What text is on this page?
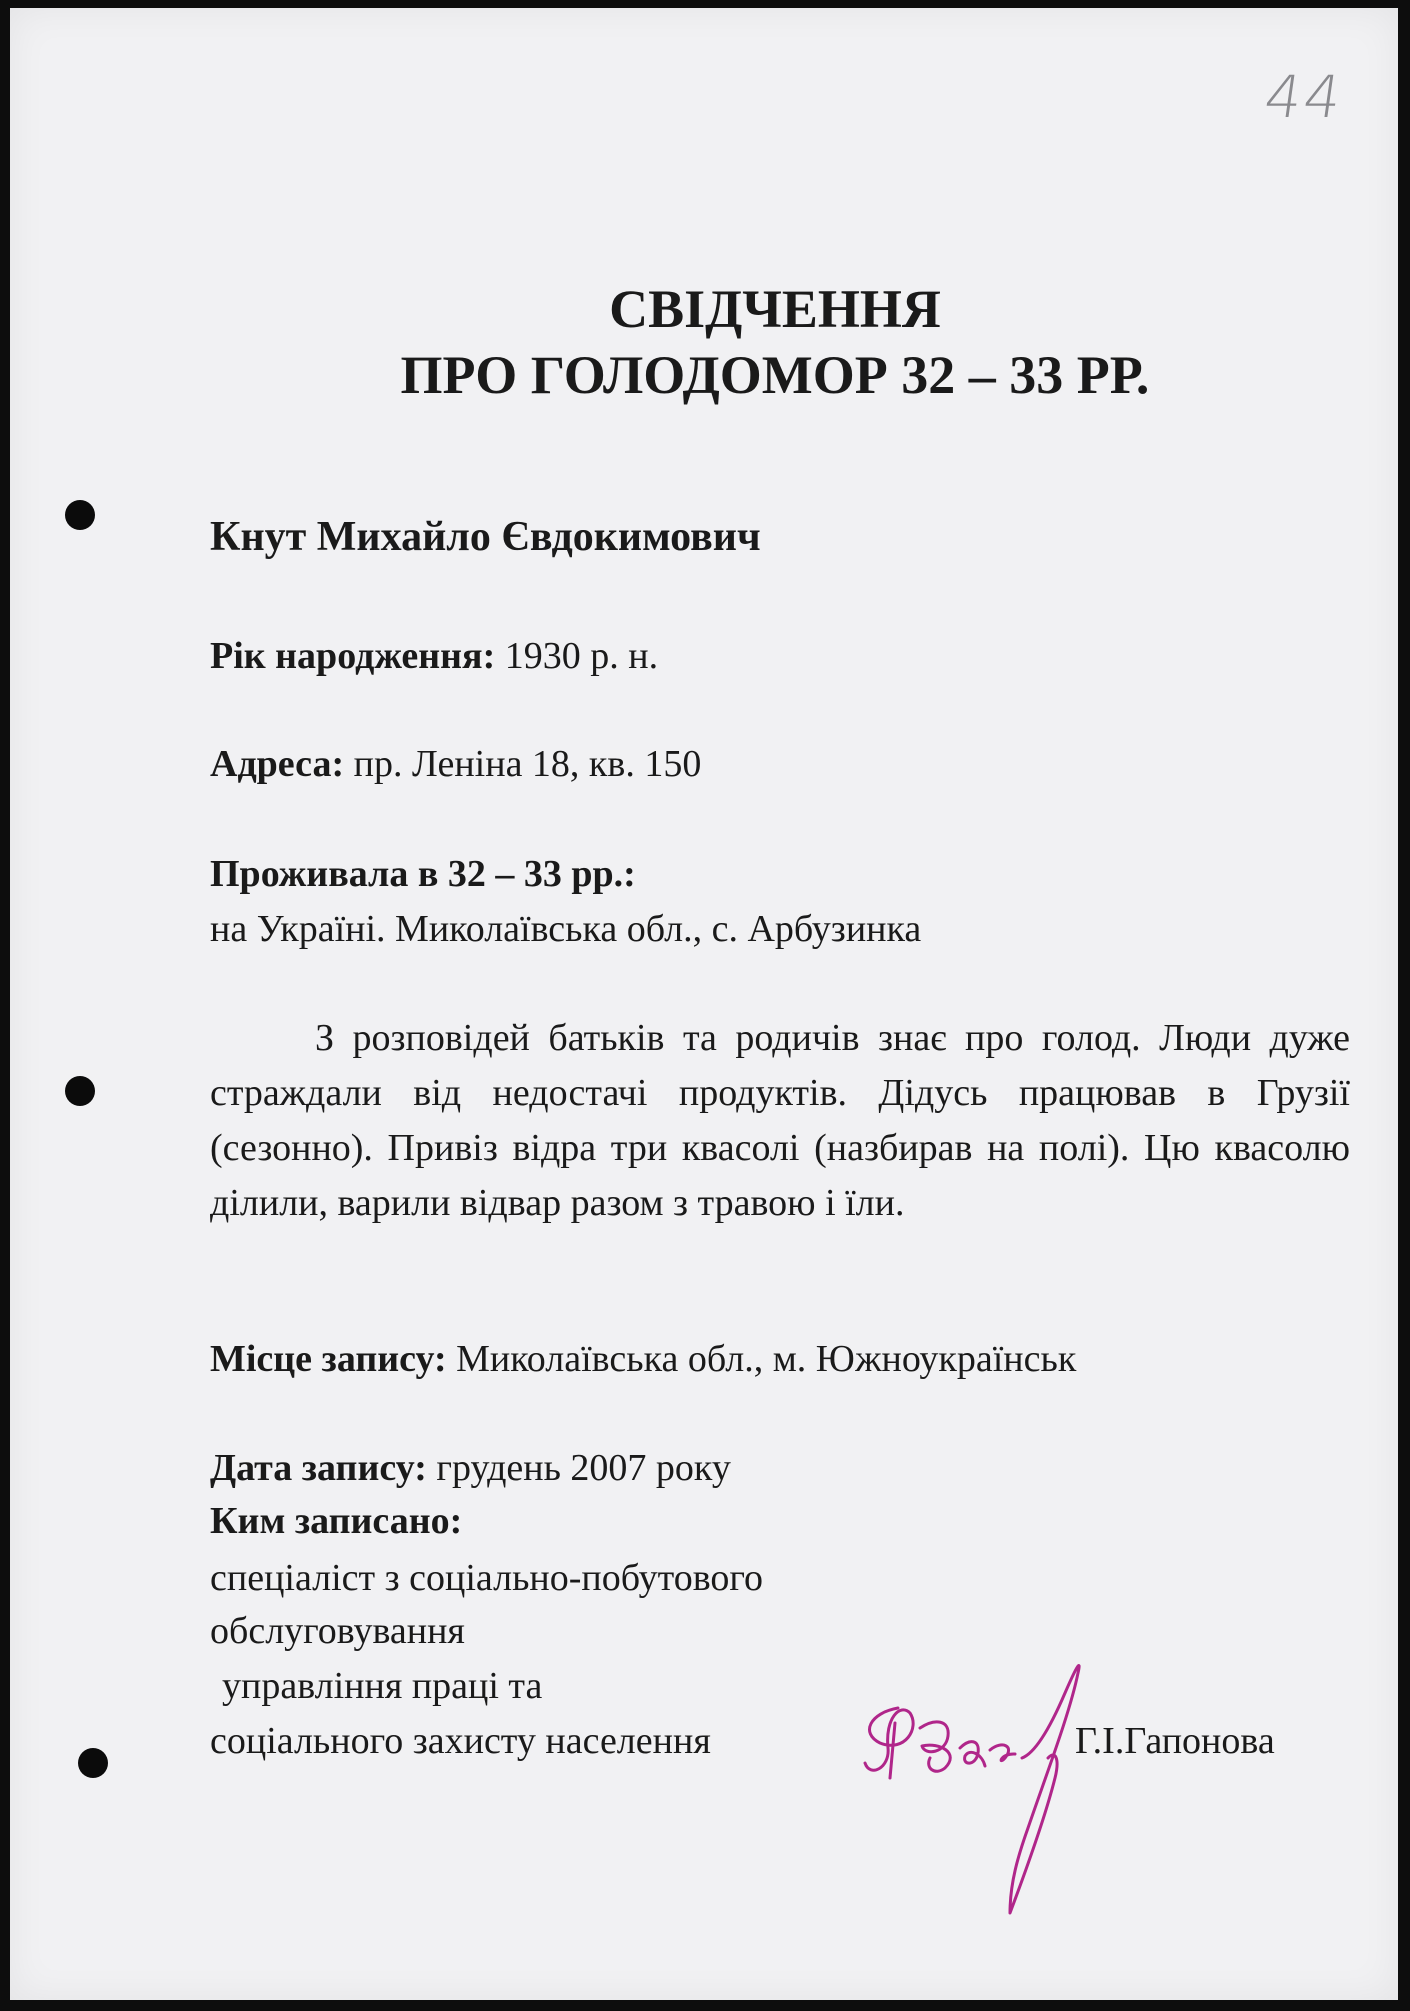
44
СВІДЧЕННЯ
ПРО ГОЛОДОМОР 32 – 33 РР.
Кнут Михайло Євдокимович
Рік народження: 1930 р. н.
Адреса: пр. Леніна 18, кв. 150
Проживала в 32 – 33 рр.:
на Україні. Миколаївська обл., с. Арбузинка
З розповідей батьків та родичів знає про голод. Люди дуже страждали від недостачі продуктів. Дідусь працював в Грузії (сезонно). Привіз відра три квасолі (назбирав на полі). Цю квасолю ділили, варили відвар разом з травою і їли.
Місце запису: Миколаївська обл., м. Южноукраїнськ
Дата запису: грудень 2007 року
Ким записано:
спеціаліст з соціально-побутового
обслуговування
управління праці та
соціального захисту населення	Г.І.Гапонова
